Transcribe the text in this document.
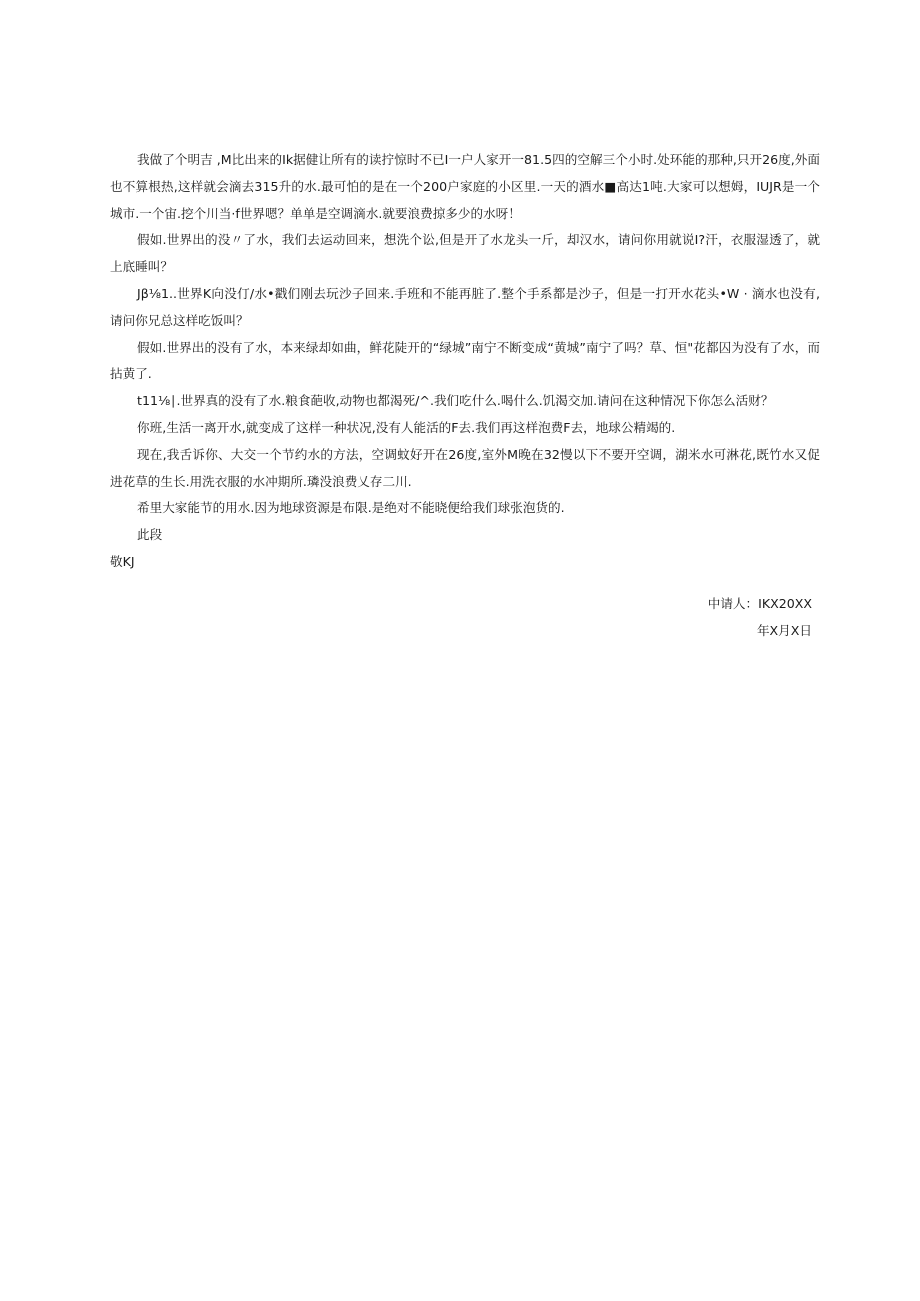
我做了个明吉 ,M比出来的Ik据健让所有的读拧惊时不已I一户人家开一81.5四的空解三个小时.处环能的那种,只开26度,外面也不算根热,这样就会滴去315升的水.最可怕的是在一个200户家庭的小区里.一天的酒水■高达1吨.大家可以想姆，IUJR是一个城市.一个宙.挖个川当·f世界嗯？单单是空调滴水.就要浪费掠多少的水呀！

假如.世界出的没〃了水，我们去运动回来，想洗个讼,但是开了水龙头一斤，却汉水，请问你用就说I?汗，衣服湿透了，就上底睡叫？

Jβ⅛1..世界K向没仃/水•戳们刚去玩沙子回来.手班和不能再脏了.整个手系都是沙子，但是一打开水花头•W · 滴水也没有,请问你兄总这样吃饭叫？

假如.世界出的没有了水，本来绿却如曲，鲜花陡开的“绿城”南宁不断变成“黄城”南宁了吗？草、恒"花都囚为没有了水，而拈黄了.

t11⅛∣.世界真的没有了水.粮食葩收,动物也都渴死/^.我们吃什么.喝什么.饥渴交加.请问在这种情况下你怎么活财？

你班,生活一离开水,就变成了这样一种状况,没有人能活的F去.我们再这样泡费F去，地球公精竭的.

现在,我舌诉你、大交一个节约水的方法，空调蚊好开在26度,室外M晚在32慢以下不要开空调，湖米水可淋花,既竹水又促进花草的生长.用洗衣服的水冲期所.璘没浪费乂存二川.

希里大家能节的用水.因为地球资源是布限.是绝对不能晓便给我们球张泡货的.

此段

敬KJ

中请人：IKX20XX

年X月X日
